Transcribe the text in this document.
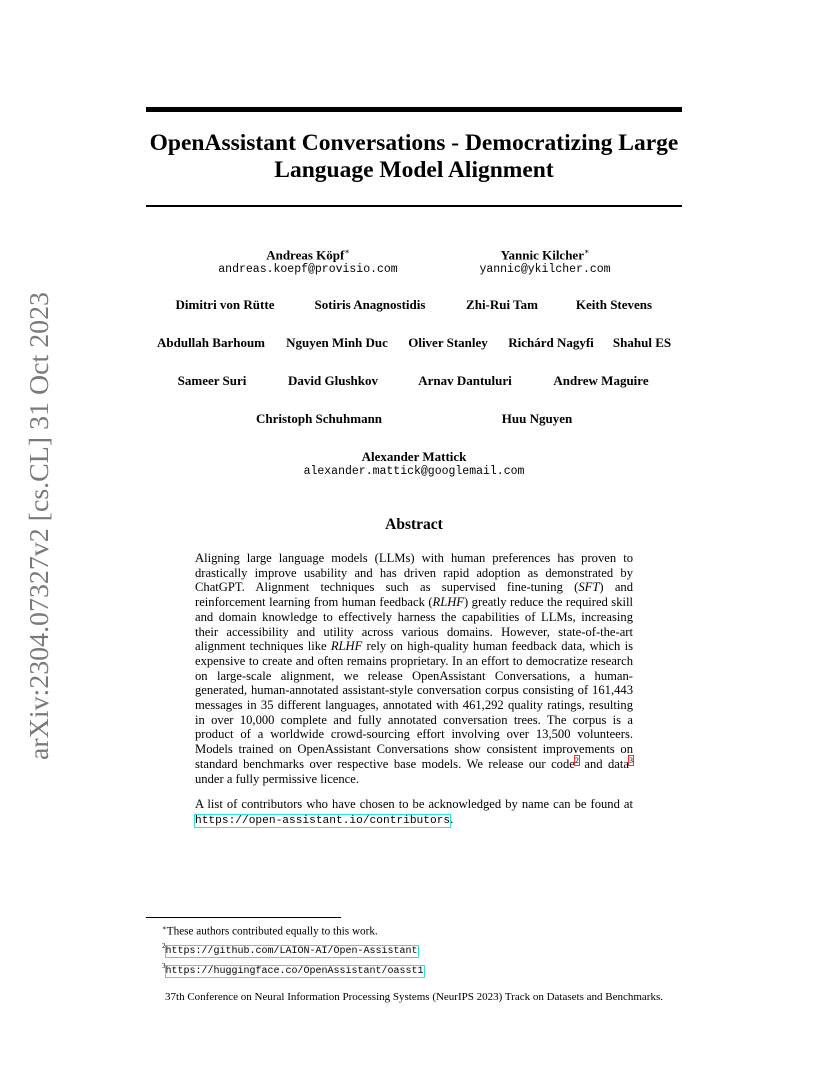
arXiv:2304.07327v2 [cs.CL] 31 Oct 2023
OpenAssistant Conversations - Democratizing Large
Language Model Alignment
Andreas Köpf∗
andreas.koepf@provisio.com
Yannic Kilcher∗
yannic@ykilcher.com
Dimitri von Rütte	Sotiris Anagnostidis	Zhi-Rui Tam	Keith Stevens
Abdullah Barhoum Nguyen Minh Duc Oliver Stanley Richárd Nagyfi Shahul ES
Sameer Suri	David Glushkov	Arnav Dantuluri	Andrew Maguire
Christoph Schuhmann	Huu Nguyen
Alexander Mattick
alexander.mattick@googlemail.com
Abstract

Aligning large language models (LLMs) with human preferences has proven to drastically improve usability and has driven rapid adoption as demonstrated by ChatGPT. Alignment techniques such as supervised fine-tuning (SFT) and reinforcement learning from human feedback (RLHF) greatly reduce the required skill and domain knowledge to effectively harness the capabilities of LLMs, increasing their accessibility and utility across various domains. However, state-of-the-art alignment techniques like RLHF rely on high-quality human feedback data, which is expensive to create and often remains proprietary. In an effort to democratize research on large-scale alignment, we release OpenAssistant Conversations, a human-generated, human-annotated assistant-style conversation corpus consisting of 161,443 messages in 35 different languages, annotated with 461,292 quality ratings, resulting in over 10,000 complete and fully annotated conversation trees. The corpus is a product of a worldwide crowd-sourcing effort involving over 13,500 volunteers. Models trained on OpenAssistant Conversations show consistent improvements on standard benchmarks over respective base models. We release our code$^2$ and data$^3$ under a fully permissive licence.

A list of contributors who have chosen to be acknowledged by name can be found at https://open-assistant.io/contributors.

∗These authors contributed equally to this work.
$^2$https://github.com/LAION-AI/Open-Assistant
$^3$https://huggingface.co/OpenAssistant/oasst1
37th Conference on Neural Information Processing Systems (NeurIPS 2023) Track on Datasets and Benchmarks.
